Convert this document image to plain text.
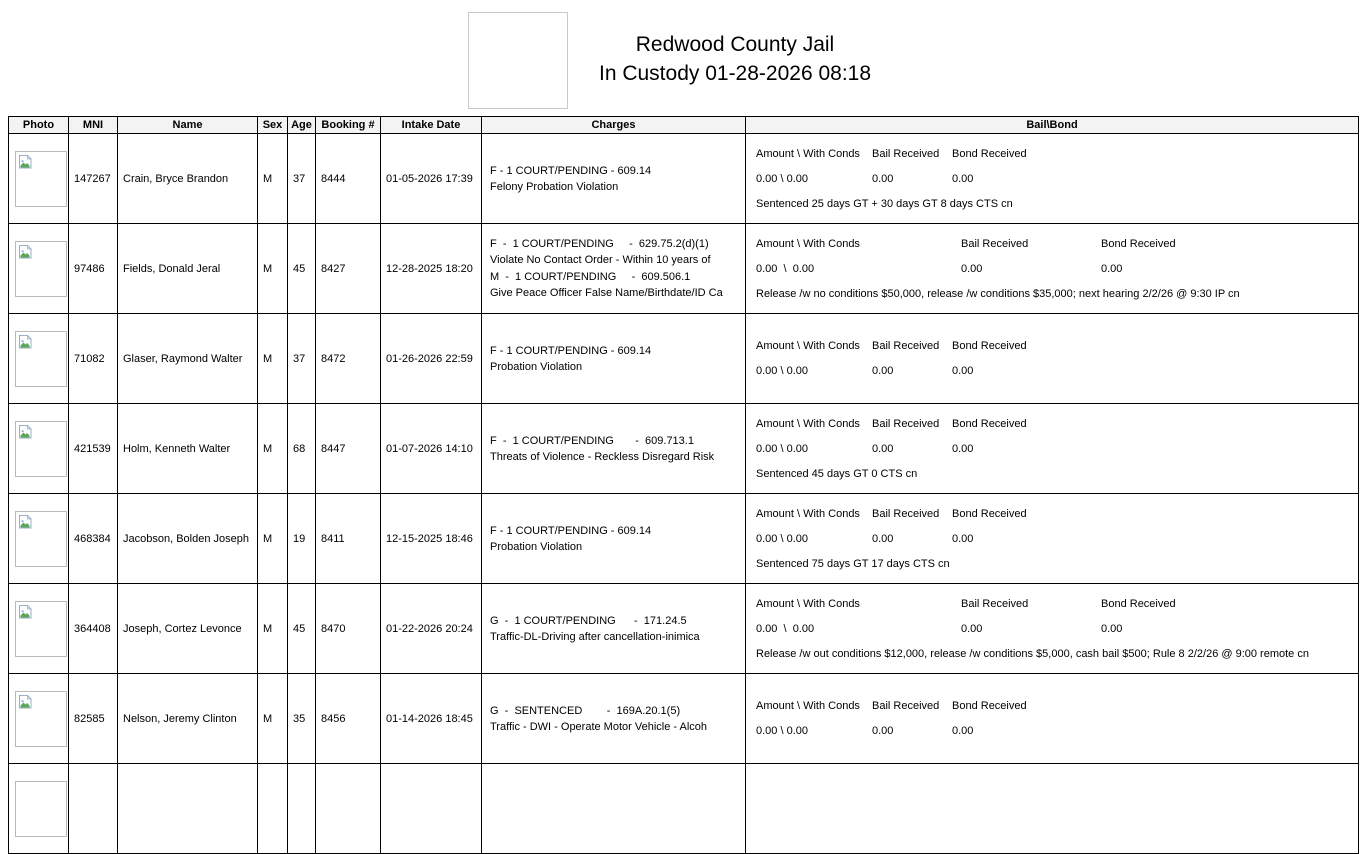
Redwood County Jail
In Custody 01-28-2026 08:18
Photo	MNI	Name	Sex	Age	Booking #	Intake Date	Charges	Bail\Bond

	147267	Crain, Bryce Brandon	M	37	8444	01-05-2026 17:39	
F - 1 COURT/PENDING - 609.14
Felony Probation Violation

Amount \ With Conds	Bail Received	Bond Received
0.00 \ 0.00	0.00	0.00
Sentenced 25 days GT + 30 days GT 8 days CTS cn

	97486	Fields, Donald Jeral	M	45	8427	12-28-2025 18:20	
F  -  1 COURT/PENDING     -  629.75.2(d)(1)
Violate No Contact Order - Within 10 years of
M  -  1 COURT/PENDING     -  609.506.1
Give Peace Officer False Name/Birthdate/ID Ca

Amount \ With Conds	Bail Received	Bond Received
0.00  \  0.00	0.00	0.00
Release /w no conditions $50,000, release /w conditions $35,000; next hearing 2/2/26 @ 9:30 IP cn

	71082	Glaser, Raymond Walter	M	37	8472	01-26-2026 22:59	
F - 1 COURT/PENDING - 609.14
Probation Violation

Amount \ With Conds	Bail Received	Bond Received
0.00 \ 0.00	0.00	0.00

	421539	Holm, Kenneth Walter	M	68	8447	01-07-2026 14:10	
F  -  1 COURT/PENDING       -  609.713.1
Threats of Violence - Reckless Disregard Risk

Amount \ With Conds	Bail Received	Bond Received
0.00 \ 0.00	0.00	0.00
Sentenced 45 days GT 0 CTS cn

	468384	Jacobson, Bolden Joseph	M	19	8411	12-15-2025 18:46	
F - 1 COURT/PENDING - 609.14
Probation Violation

Amount \ With Conds	Bail Received	Bond Received
0.00 \ 0.00	0.00	0.00
Sentenced 75 days GT 17 days CTS cn

	364408	Joseph, Cortez Levonce	M	45	8470	01-22-2026 20:24	
G  -  1 COURT/PENDING      -  171.24.5
Traffic-DL-Driving after cancellation-inimica

Amount \ With Conds	Bail Received	Bond Received
0.00  \  0.00	0.00	0.00
Release /w out conditions $12,000, release /w conditions $5,000, cash bail $500; Rule 8 2/2/26 @ 9:00 remote cn

	82585	Nelson, Jeremy Clinton	M	35	8456	01-14-2026 18:45	
G  -  SENTENCED        -  169A.20.1(5)
Traffic - DWI - Operate Motor Vehicle - Alcoh

Amount \ With Conds	Bail Received	Bond Received
0.00 \ 0.00	0.00	0.00
